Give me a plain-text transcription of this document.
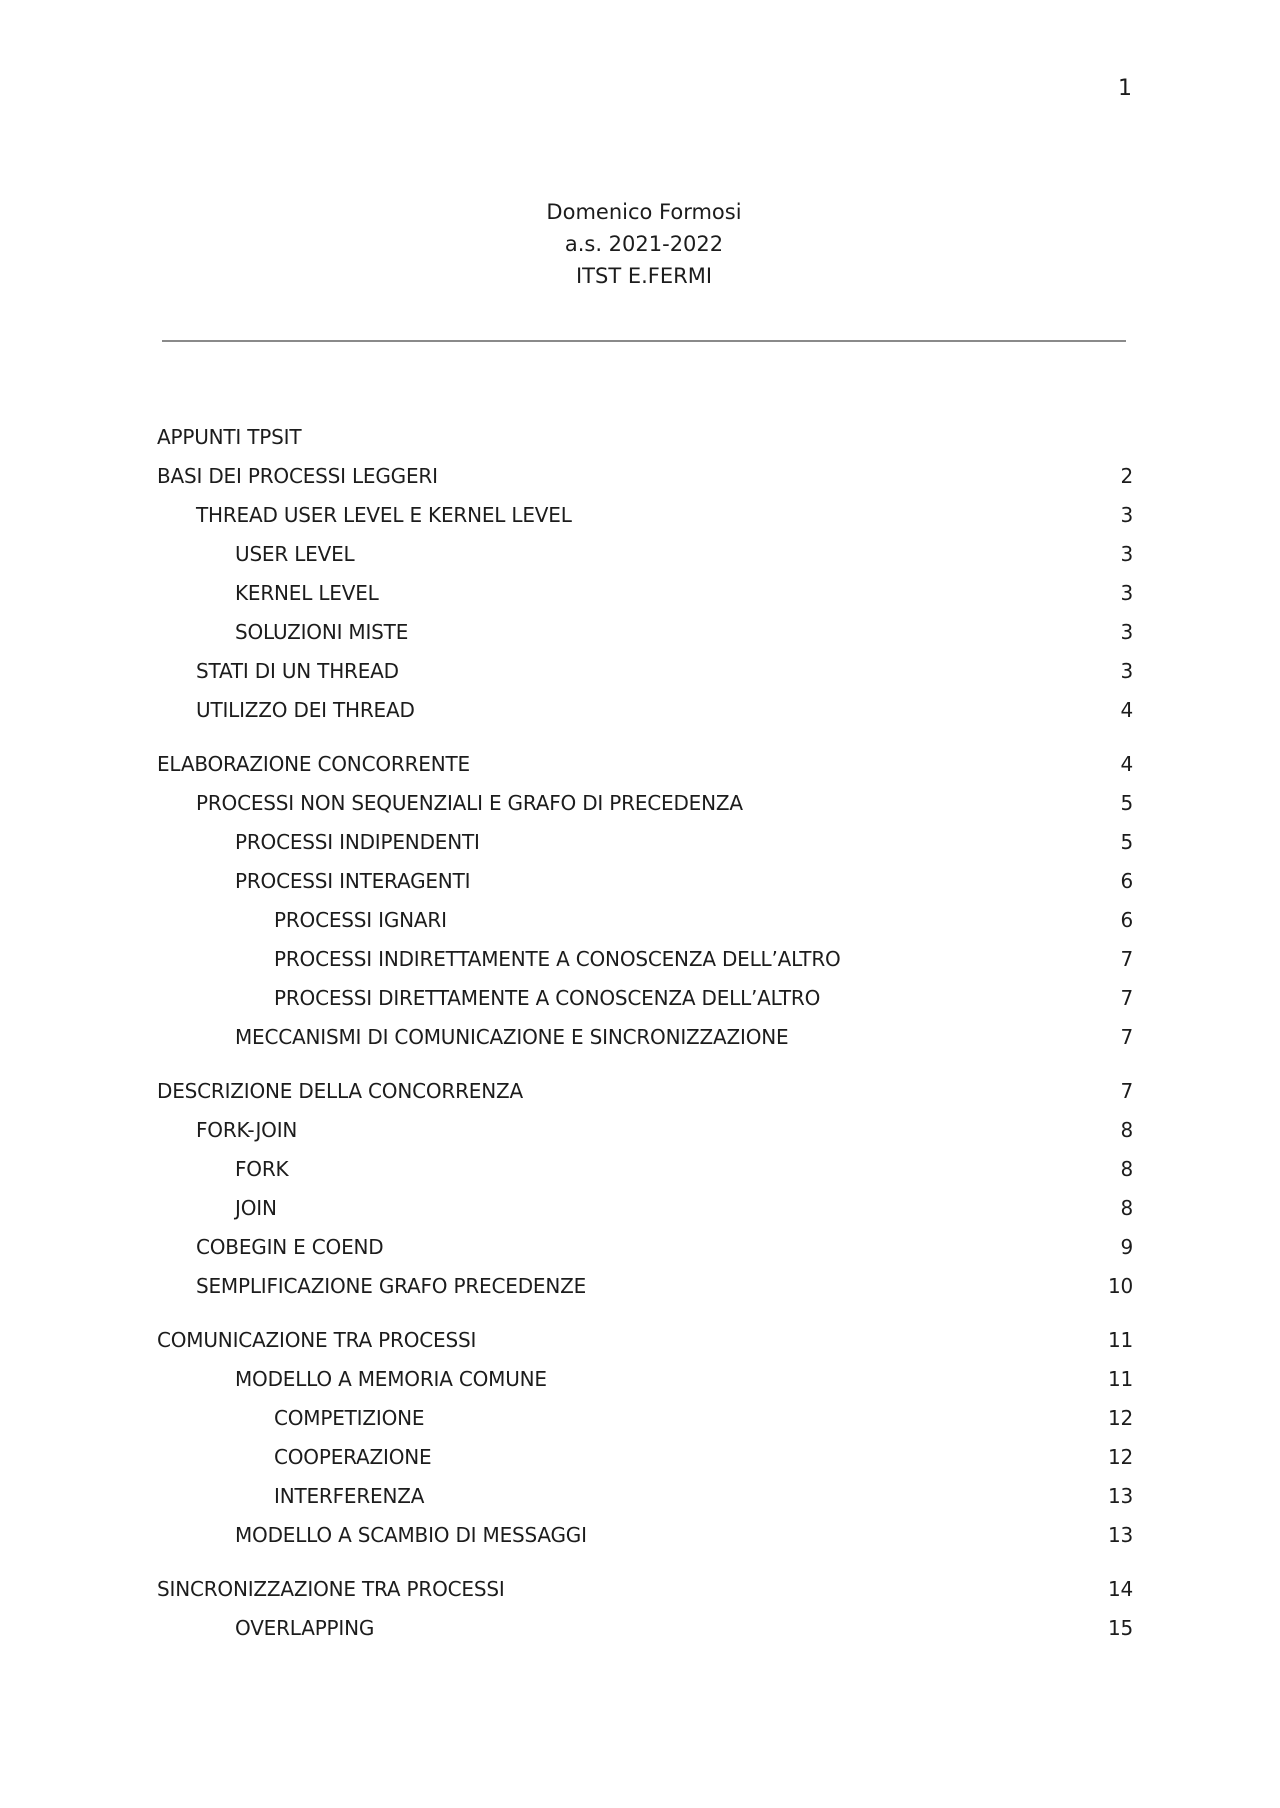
1
Domenico Formosi
a.s. 2021-2022
ITST E.FERMI
APPUNTI TPSIT
BASI DEI PROCESSI LEGGERI	2
THREAD USER LEVEL E KERNEL LEVEL	3
USER LEVEL	3
KERNEL LEVEL	3
SOLUZIONI MISTE	3
STATI DI UN THREAD	3
UTILIZZO DEI THREAD	4
ELABORAZIONE CONCORRENTE	4
PROCESSI NON SEQUENZIALI E GRAFO DI PRECEDENZA	5
PROCESSI INDIPENDENTI	5
PROCESSI INTERAGENTI	6
PROCESSI IGNARI	6
PROCESSI INDIRETTAMENTE A CONOSCENZA DELL’ALTRO	7
PROCESSI DIRETTAMENTE A CONOSCENZA DELL’ALTRO	7
MECCANISMI DI COMUNICAZIONE E SINCRONIZZAZIONE	7
DESCRIZIONE DELLA CONCORRENZA	7
FORK-JOIN	8
FORK	8
JOIN	8
COBEGIN E COEND	9
SEMPLIFICAZIONE GRAFO PRECEDENZE	10
COMUNICAZIONE TRA PROCESSI	11
MODELLO A MEMORIA COMUNE	11
COMPETIZIONE	12
COOPERAZIONE	12
INTERFERENZA	13
MODELLO A SCAMBIO DI MESSAGGI	13
SINCRONIZZAZIONE TRA PROCESSI	14
OVERLAPPING	15
